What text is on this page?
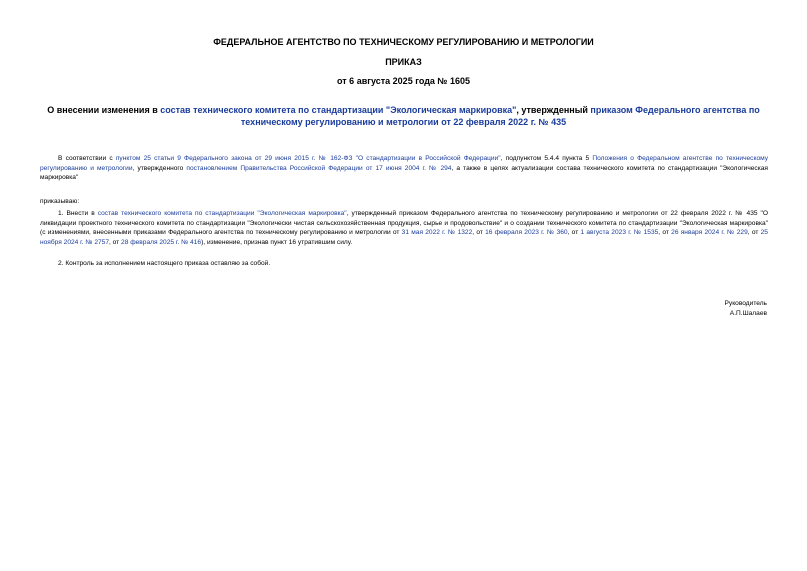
ФЕДЕРАЛЬНОЕ АГЕНТСТВО ПО ТЕХНИЧЕСКОМУ РЕГУЛИРОВАНИЮ И МЕТРОЛОГИИ
ПРИКАЗ
от 6 августа 2025 года № 1605
О внесении изменения в состав технического комитета по стандартизации "Экологическая маркировка", утвержденный приказом Федерального агентства по техническому регулированию и метрологии от 22 февраля 2022 г. № 435
В соответствии с пунктом 25 статьи 9 Федерального закона от 29 июня 2015 г. № 162-ФЗ "О стандартизации в Российской Федерации", подпунктом 5.4.4 пункта 5 Положения о Федеральном агентстве по техническому регулированию и метрологии, утвержденного постановлением Правительства Российской Федерации от 17 июня 2004 г. № 294, а также в целях актуализации состава технического комитета по стандартизации "Экологическая маркировка"
приказываю:
1. Внести в состав технического комитета по стандартизации "Экологическая маркировка", утвержденный приказом Федерального агентства по техническому регулированию и метрологии от 22 февраля 2022 г. № 435 "О ликвидации проектного технического комитета по стандартизации "Экологически чистая сельскохозяйственная продукция, сырье и продовольствие" и о создании технического комитета по стандартизации "Экологическая маркировка" (с изменениями, внесенными приказами Федерального агентства по техническому регулированию и метрологии от 31 мая 2022 г. № 1322, от 16 февраля 2023 г. № 360, от 1 августа 2023 г. № 1535, от 26 января 2024 г. № 229, от 25 ноября 2024 г. № 2757, от 28 февраля 2025 г. № 416), изменение, признав пункт 16 утратившим силу.
2. Контроль за исполнением настоящего приказа оставляю за собой.
Руководитель
А.П.Шалаев
